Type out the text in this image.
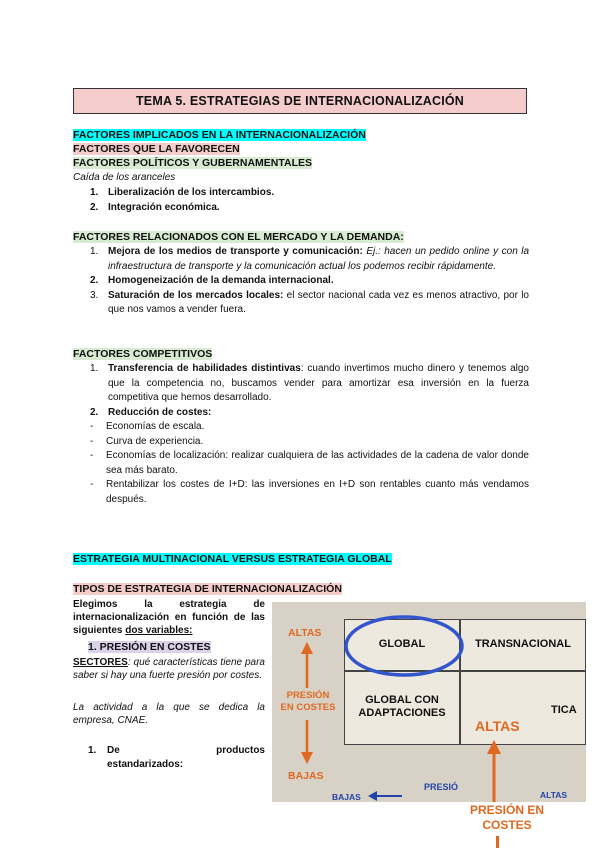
TEMA 5. ESTRATEGIAS DE INTERNACIONALIZACIÓN
FACTORES IMPLICADOS EN LA INTERNACIONALIZACIÓN
FACTORES QUE LA FAVORECEN
FACTORES POLÍTICOS Y GUBERNAMENTALES
Caída de los aranceles
1. Liberalización de los intercambios.
2. Integración económica.
FACTORES RELACIONADOS CON EL MERCADO Y LA DEMANDA:
1. Mejora de los medios de transporte y comunicación: Ej.: hacen un pedido online y con la infraestructura de transporte y la comunicación actual los podemos recibir rápidamente.
2. Homogeneización de la demanda internacional.
3. Saturación de los mercados locales: el sector nacional cada vez es menos atractivo, por lo que nos vamos a vender fuera.
FACTORES COMPETITIVOS
1. Transferencia de habilidades distintivas: cuando invertimos mucho dinero y tenemos algo que la competencia no, buscamos vender para amortizar esa inversión en la fuerza competitiva que hemos desarrollado.
2. Reducción de costes:
- Economías de escala.
- Curva de experiencia.
- Economías de localización: realizar cualquiera de las actividades de la cadena de valor donde sea más barato.
- Rentabilizar los costes de I+D: las inversiones en I+D son rentables cuanto más vendamos después.
ESTRATEGIA MULTINACIONAL VERSUS ESTRATEGIA GLOBAL
TIPOS DE ESTRATEGIA DE INTERNACIONALIZACIÓN
Elegimos la estrategia de internacionalización en función de las siguientes dos variables:
1. PRESIÓN EN COSTES
SECTORES: qué características tiene para saber si hay una fuerte presión por costes.
La actividad a la que se dedica la empresa, CNAE.
1. De	productos

estandarizados:
ALTAS
PRESIÓN EN COSTES
BAJAS
GLOBAL	TRANSNACIONAL
GLOBAL CON ADAPTACIONES	TICA
ALTAS
BAJAS
PRESIÓ
ALTAS
PRESIÓN EN COSTES
